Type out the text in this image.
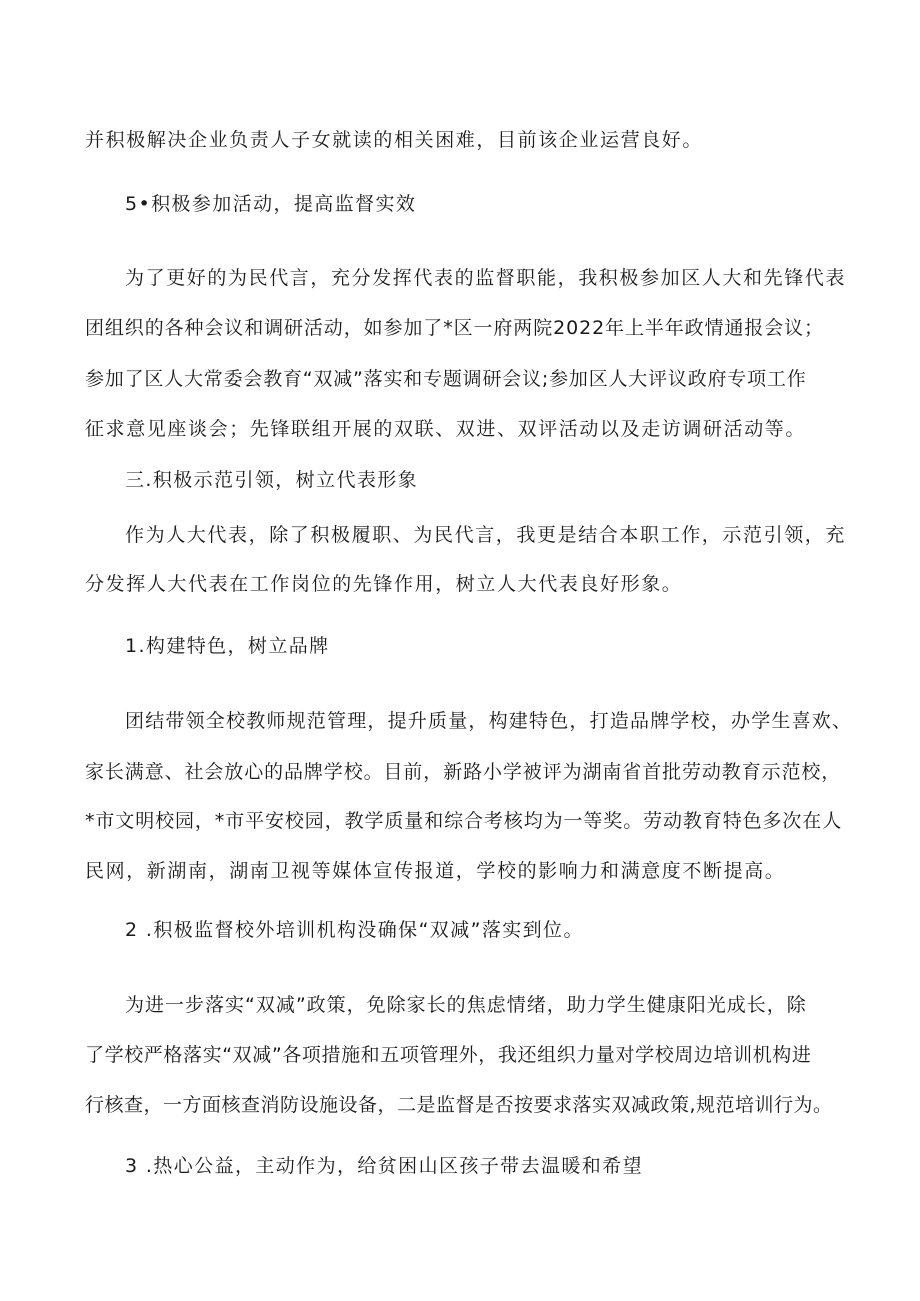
并积极解决企业负责人子女就读的相关困难，目前该企业运营良好。

5•积极参加活动，提高监督实效

为了更好的为民代言，充分发挥代表的监督职能，我积极参加区人大和先锋代表

团组织的各种会议和调研活动，如参加了*区一府两院2022年上半年政情通报会议；

参加了区人大常委会教育“双减”落实和专题调研会议;参加区人大评议政府专项工作

征求意见座谈会；先锋联组开展的双联、双进、双评活动以及走访调研活动等。

三.积极示范引领，树立代表形象

作为人大代表，除了积极履职、为民代言，我更是结合本职工作，示范引领，充

分发挥人大代表在工作岗位的先锋作用，树立人大代表良好形象。

1.构建特色，树立品牌

团结带领全校教师规范管理，提升质量，构建特色，打造品牌学校，办学生喜欢、

家长满意、社会放心的品牌学校。目前，新路小学被评为湖南省首批劳动教育示范校，

*市文明校园，*市平安校园，教学质量和综合考核均为一等奖。劳动教育特色多次在人

民网，新湖南，湖南卫视等媒体宣传报道，学校的影响力和满意度不断提高。

2 .积极监督校外培训机构没确保“双减”落实到位。

为进一步落实“双减”政策，免除家长的焦虑情绪，助力学生健康阳光成长，除

了学校严格落实“双减”各项措施和五项管理外，我还组织力量对学校周边培训机构进

行核查，一方面核查消防设施设备，二是监督是否按要求落实双减政策,规范培训行为。

3 .热心公益，主动作为，给贫困山区孩子带去温暖和希望
